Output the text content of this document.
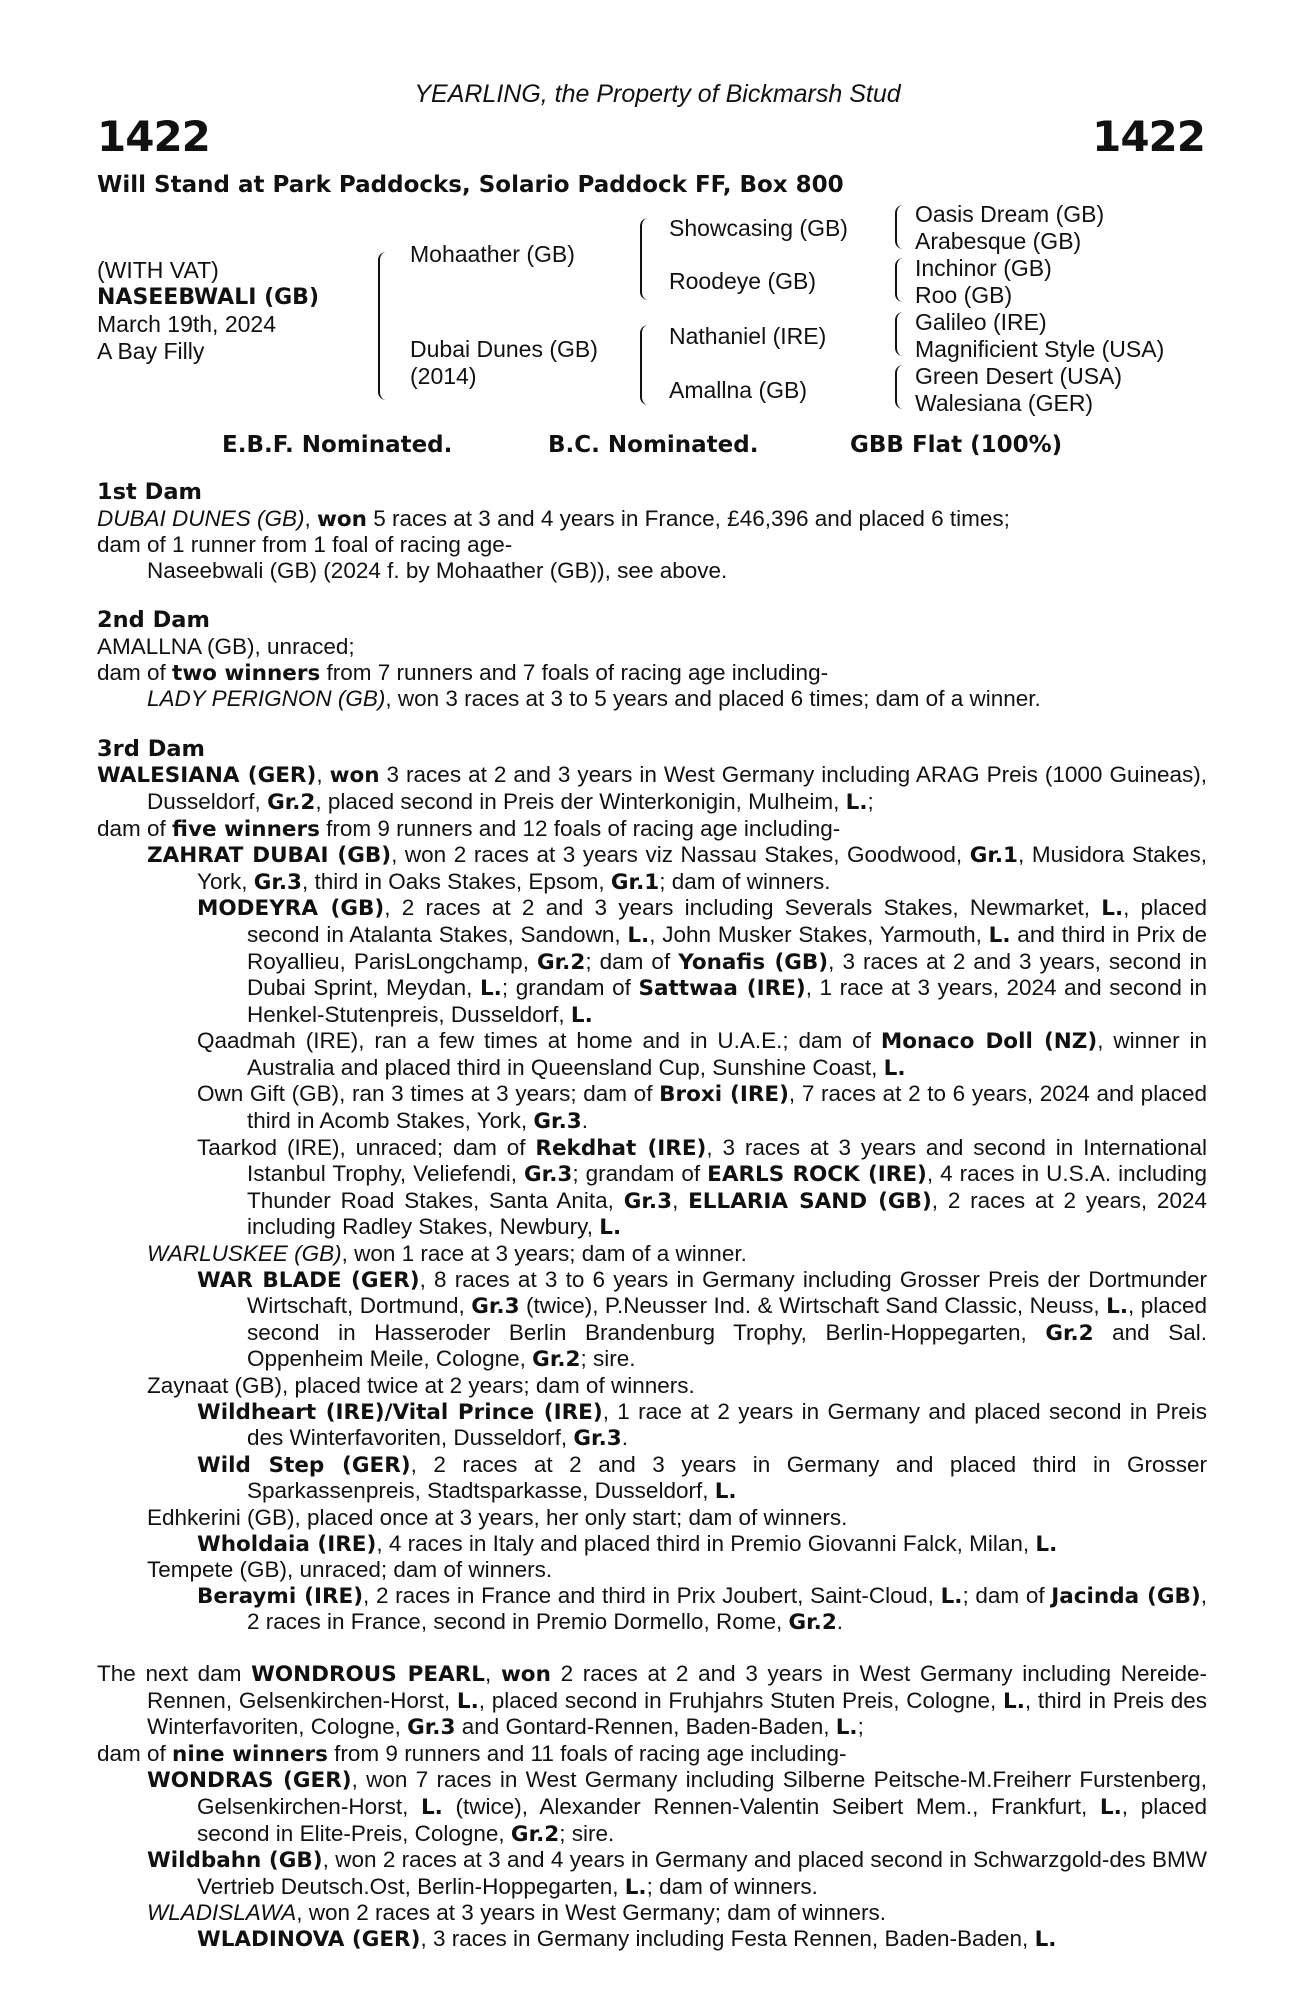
YEARLING, the Property of Bickmarsh Stud
1422	1422
Will Stand at Park Paddocks, Solario Paddock FF, Box 800
(WITH VAT)
NASEEBWALI (GB)
March 19th, 2024
A Bay Filly
Mohaather (GB)
Dubai Dunes (GB)
(2014)
Showcasing (GB)
Roodeye (GB)
Nathaniel (IRE)
Amallna (GB)
Oasis Dream (GB)
Arabesque (GB)
Inchinor (GB)
Roo (GB)
Galileo (IRE)
Magnificient Style (USA)
Green Desert (USA)
Walesiana (GER)
E.B.F. Nominated.	B.C. Nominated.	GBB Flat (100%)

1st Dam

DUBAI DUNES (GB), won 5 races at 3 and 4 years in France, £46,396 and placed 6 times;

dam of 1 runner from 1 foal of racing age-

Naseebwali (GB) (2024 f. by Mohaather (GB)), see above.

2nd Dam

AMALLNA (GB), unraced;

dam of two winners from 7 runners and 7 foals of racing age including-

LADY PERIGNON (GB), won 3 races at 3 to 5 years and placed 6 times; dam of a winner.

3rd Dam

WALESIANA (GER), won 3 races at 2 and 3 years in West Germany including ARAG Preis (1000 Guineas), Dusseldorf, Gr.2, placed second in Preis der Winterkonigin, Mulheim, L.;

dam of five winners from 9 runners and 12 foals of racing age including-

ZAHRAT DUBAI (GB), won 2 races at 3 years viz Nassau Stakes, Goodwood, Gr.1, Musidora Stakes, York, Gr.3, third in Oaks Stakes, Epsom, Gr.1; dam of winners.

MODEYRA (GB), 2 races at 2 and 3 years including Severals Stakes, Newmarket, L., placed second in Atalanta Stakes, Sandown, L., John Musker Stakes, Yarmouth, L. and third in Prix de Royallieu, ParisLongchamp, Gr.2; dam of Yonafis (GB), 3 races at 2 and 3 years, second in Dubai Sprint, Meydan, L.; grandam of Sattwaa (IRE), 1 race at 3 years, 2024 and second in Henkel-Stutenpreis, Dusseldorf, L.

Qaadmah (IRE), ran a few times at home and in U.A.E.; dam of Monaco Doll (NZ), winner in Australia and placed third in Queensland Cup, Sunshine Coast, L.

Own Gift (GB), ran 3 times at 3 years; dam of Broxi (IRE), 7 races at 2 to 6 years, 2024 and placed third in Acomb Stakes, York, Gr.3.

Taarkod (IRE), unraced; dam of Rekdhat (IRE), 3 races at 3 years and second in International Istanbul Trophy, Veliefendi, Gr.3; grandam of EARLS ROCK (IRE), 4 races in U.S.A. including Thunder Road Stakes, Santa Anita, Gr.3, ELLARIA SAND (GB), 2 races at 2 years, 2024 including Radley Stakes, Newbury, L.

WARLUSKEE (GB), won 1 race at 3 years; dam of a winner.

WAR BLADE (GER), 8 races at 3 to 6 years in Germany including Grosser Preis der Dortmunder Wirtschaft, Dortmund, Gr.3 (twice), P.Neusser Ind. & Wirtschaft Sand Classic, Neuss, L., placed second in Hasseroder Berlin Brandenburg Trophy, Berlin-Hoppegarten, Gr.2 and Sal. Oppenheim Meile, Cologne, Gr.2; sire.

Zaynaat (GB), placed twice at 2 years; dam of winners.

Wildheart (IRE)/Vital Prince (IRE), 1 race at 2 years in Germany and placed second in Preis des Winterfavoriten, Dusseldorf, Gr.3.

Wild Step (GER), 2 races at 2 and 3 years in Germany and placed third in Grosser Sparkassenpreis, Stadtsparkasse, Dusseldorf, L.

Edhkerini (GB), placed once at 3 years, her only start; dam of winners.

Wholdaia (IRE), 4 races in Italy and placed third in Premio Giovanni Falck, Milan, L.

Tempete (GB), unraced; dam of winners.

Beraymi (IRE), 2 races in France and third in Prix Joubert, Saint-Cloud, L.; dam of Jacinda (GB), 2 races in France, second in Premio Dormello, Rome, Gr.2.

The next dam WONDROUS PEARL, won 2 races at 2 and 3 years in West Germany including Nereide-Rennen, Gelsenkirchen-Horst, L., placed second in Fruhjahrs Stuten Preis, Cologne, L., third in Preis des Winterfavoriten, Cologne, Gr.3 and Gontard-Rennen, Baden-Baden, L.;

dam of nine winners from 9 runners and 11 foals of racing age including-

WONDRAS (GER), won 7 races in West Germany including Silberne Peitsche-M.Freiherr Furstenberg, Gelsenkirchen-Horst, L. (twice), Alexander Rennen-Valentin Seibert Mem., Frankfurt, L., placed second in Elite-Preis, Cologne, Gr.2; sire.

Wildbahn (GB), won 2 races at 3 and 4 years in Germany and placed second in Schwarzgold-des BMW Vertrieb Deutsch.Ost, Berlin-Hoppegarten, L.; dam of winners.

WLADISLAWA, won 2 races at 3 years in West Germany; dam of winners.

WLADINOVA (GER), 3 races in Germany including Festa Rennen, Baden-Baden, L.
